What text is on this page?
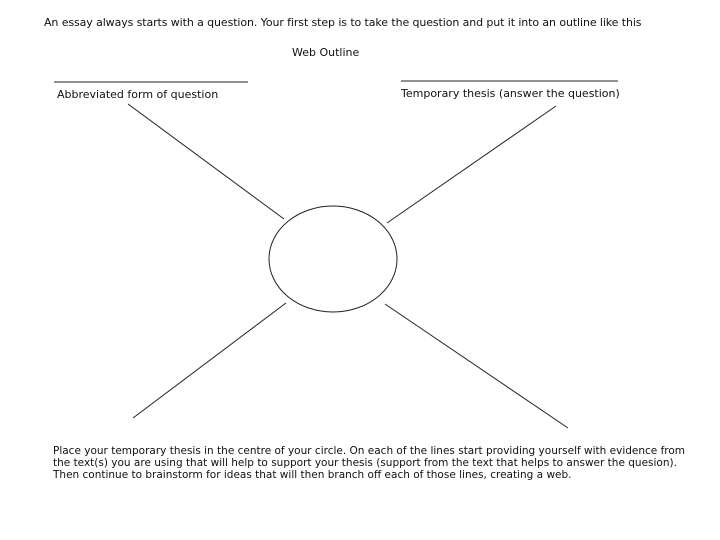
An essay always starts with a question. Your first step is to take the question and put it into an outline like this
Web Outline
Abbreviated form of question	Temporary thesis (answer the question)
Place your temporary thesis in the centre of your circle. On each of the lines start providing yourself with evidence from
the text(s) you are using that will help to support your thesis (support from the text that helps to answer the quesion).
Then continue to brainstorm for ideas that will then branch off each of those lines, creating a web.
